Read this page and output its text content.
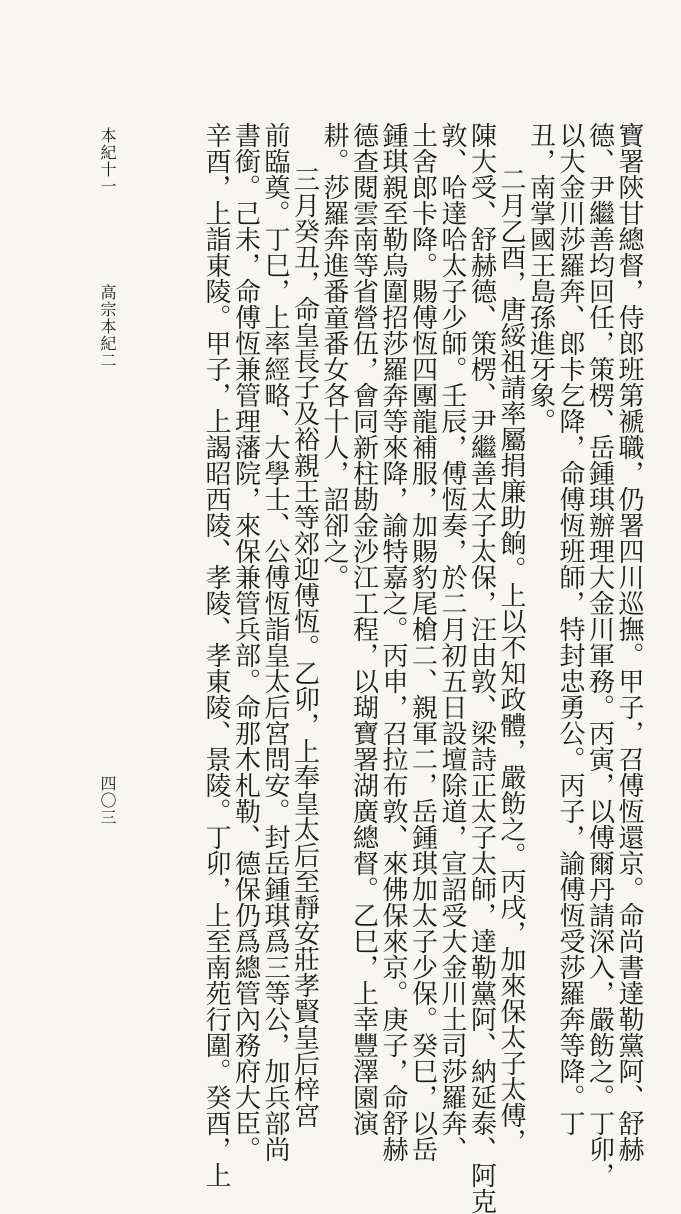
寶署陝甘總督，侍郎班第褫職，仍署四川巡撫。甲子，召傅恆還京。命尚書達勒黨阿、舒赫
德、尹繼善均回任，策楞、岳鍾琪辦理大金川軍務。丙寅，以傅爾丹請深入，嚴飭之。丁卯，
以大金川莎羅奔、郎卡乞降，命傅恆班師，特封忠勇公。丙子，諭傅恆受莎羅奔等降。丁
丑，南掌國王島孫進牙象。
二月乙酉，唐綏祖請率屬捐廉助餉。上以不知政體，嚴飭之。丙戌，加來保太子太傅，
陳大受、舒赫德、策楞、尹繼善太子太保，汪由敦、梁詩正太子太師，達勒黨阿、納延泰、阿克
敦、哈達哈太子少師。壬辰，傅恆奏，於二月初五日設壇除道，宣詔受大金川土司莎羅奔、
土舍郎卡降。賜傅恆四團龍補服，加賜豹尾槍二、親軍二，岳鍾琪加太子少保。癸巳，以岳
鍾琪親至勒烏圍招莎羅奔等來降，諭特嘉之。丙申，召拉布敦、來佛保來京。庚子，命舒赫
德查閱雲南等省營伍，會同新柱勘金沙江工程，以瑚寶署湖廣總督。乙巳，上幸豐澤園演
耕。莎羅奔進番童番女各十人，詔卻之。
三月癸丑，命皇長子及裕親王等郊迎傅恆。乙卯，上奉皇太后至靜安莊孝賢皇后梓宮
前臨奠。丁巳，上率經略、大學士、公傅恆詣皇太后宮問安。封岳鍾琪爲三等公，加兵部尚
書銜。己未，命傅恆兼管理藩院，來保兼管兵部。命那木札勒、德保仍爲總管內務府大臣。
辛酉，上詣東陵。甲子，上謁昭西陵、孝陵、孝東陵、景陵。丁卯，上至南苑行圍。癸酉，上
本紀十一
高宗本紀二
四〇三
